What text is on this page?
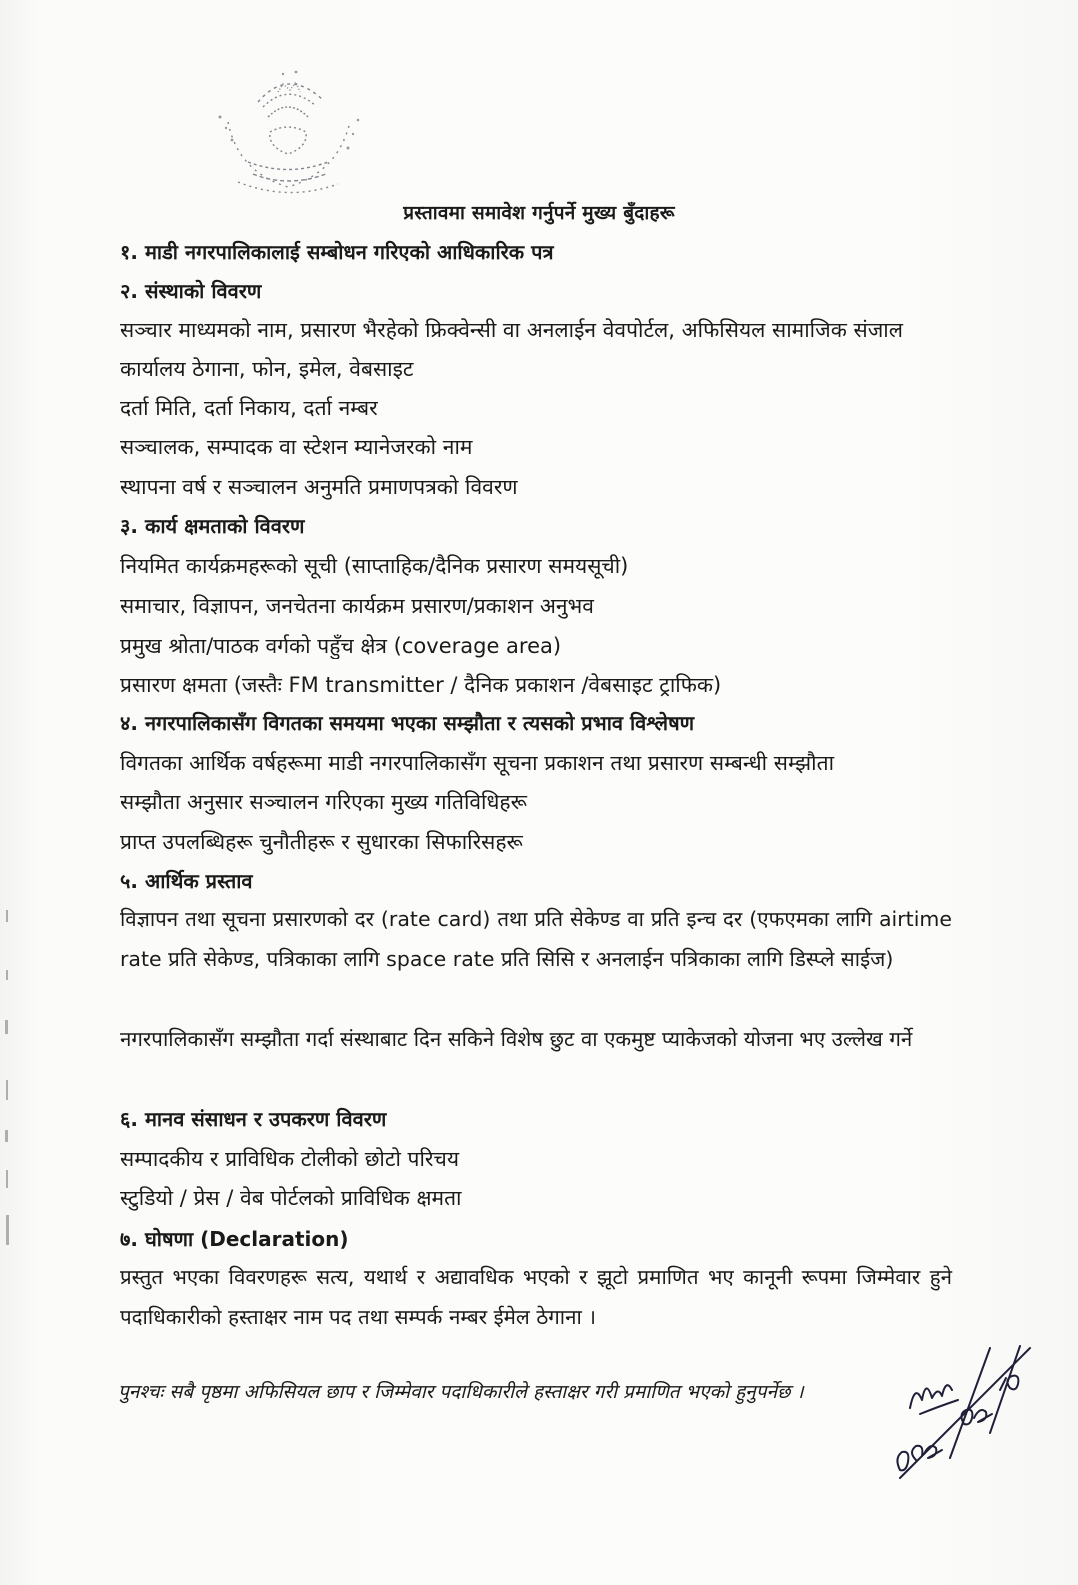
प्रस्तावमा समावेश गर्नुपर्ने मुख्य बुँदाहरू
१. माडी नगरपालिकालाई सम्बोधन गरिएको आधिकारिक पत्र
२. संस्थाको विवरण
सञ्चार माध्यमको नाम, प्रसारण भैरहेको फ्रिक्वेन्सी वा अनलाईन वेवपोर्टल, अफिसियल सामाजिक संजाल
कार्यालय ठेगाना, फोन, इमेल, वेबसाइट
दर्ता मिति, दर्ता निकाय, दर्ता नम्बर
सञ्चालक, सम्पादक वा स्टेशन म्यानेजरको नाम
स्थापना वर्ष र सञ्चालन अनुमति प्रमाणपत्रको विवरण
३. कार्य क्षमताको विवरण
नियमित कार्यक्रमहरूको सूची (साप्ताहिक/दैनिक प्रसारण समयसूची)
समाचार, विज्ञापन, जनचेतना कार्यक्रम प्रसारण/प्रकाशन अनुभव
प्रमुख श्रोता/पाठक वर्गको पहुँच क्षेत्र (coverage area)
प्रसारण क्षमता (जस्तैः FM transmitter / दैनिक प्रकाशन /वेबसाइट ट्राफिक)
४. नगरपालिकासँग विगतका समयमा भएका सम्झौता र त्यसको प्रभाव विश्लेषण
विगतका आर्थिक वर्षहरूमा माडी नगरपालिकासँग सूचना प्रकाशन तथा प्रसारण सम्बन्धी सम्झौता
सम्झौता अनुसार सञ्चालन गरिएका मुख्य गतिविधिहरू
प्राप्त उपलब्धिहरू चुनौतीहरू र सुधारका सिफारिसहरू
५. आर्थिक प्रस्ताव
विज्ञापन तथा सूचना प्रसारणको दर (rate card) तथा प्रति सेकेण्ड वा प्रति इन्च दर (एफएमका लागि airtime rate प्रति सेकेण्ड, पत्रिकाका लागि space rate प्रति सिसि र अनलाईन पत्रिकाका लागि डिस्प्ले साईज)
नगरपालिकासँग सम्झौता गर्दा संस्थाबाट दिन सकिने विशेष छुट वा एकमुष्ट प्याकेजको योजना भए उल्लेख गर्ने
६. मानव संसाधन र उपकरण विवरण
सम्पादकीय र प्राविधिक टोलीको छोटो परिचय
स्टुडियो / प्रेस / वेब पोर्टलको प्राविधिक क्षमता
७. घोषणा (Declaration)
प्रस्तुत भएका विवरणहरू सत्य, यथार्थ र अद्यावधिक भएको र झूटो प्रमाणित भए कानूनी रूपमा जिम्मेवार हुने पदाधिकारीको हस्ताक्षर नाम पद तथा सम्पर्क नम्बर ईमेल ठेगाना ।
पुनश्चः सबै पृष्ठमा अफिसियल छाप र जिम्मेवार पदाधिकारीले हस्ताक्षर गरी प्रमाणित भएको हुनुपर्नेछ ।
